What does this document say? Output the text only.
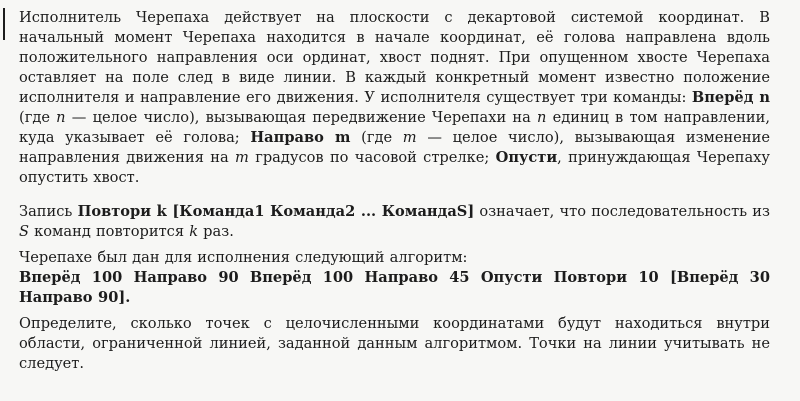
Исполнитель Черепаха действует на плоскости с декартовой системой координат. В начальный момент Черепаха находится в начале координат, её голова направлена вдоль положительного направления оси ординат, хвост поднят. При опущенном хвосте Черепаха оставляет на поле след в виде линии. В каждый конкретный момент известно положение исполнителя и направление его движения. У исполнителя существует три команды: Вперёд n (где n — целое число), вызывающая передвижение Черепахи на n единиц в том направлении, куда указывает её голова; Направо m (где m — целое число), вызывающая изменение направления движения на m градусов по часовой стрелке; Опусти, принуждающая Черепаху опустить хвост.

Запись Повтори k [Команда1 Команда2 ... КомандаS] означает, что последовательность из S команд повторится k раз.

Черепахе был дан для исполнения следующий алгоритм:

Вперёд 100 Направо 90 Вперёд 100 Направо 45 Опусти Повтори 10 [Вперёд 30 Направо 90].

Определите, сколько точек с целочисленными координатами будут находиться внутри области, ограниченной линией, заданной данным алгоритмом. Точки на линии учитывать не следует.
